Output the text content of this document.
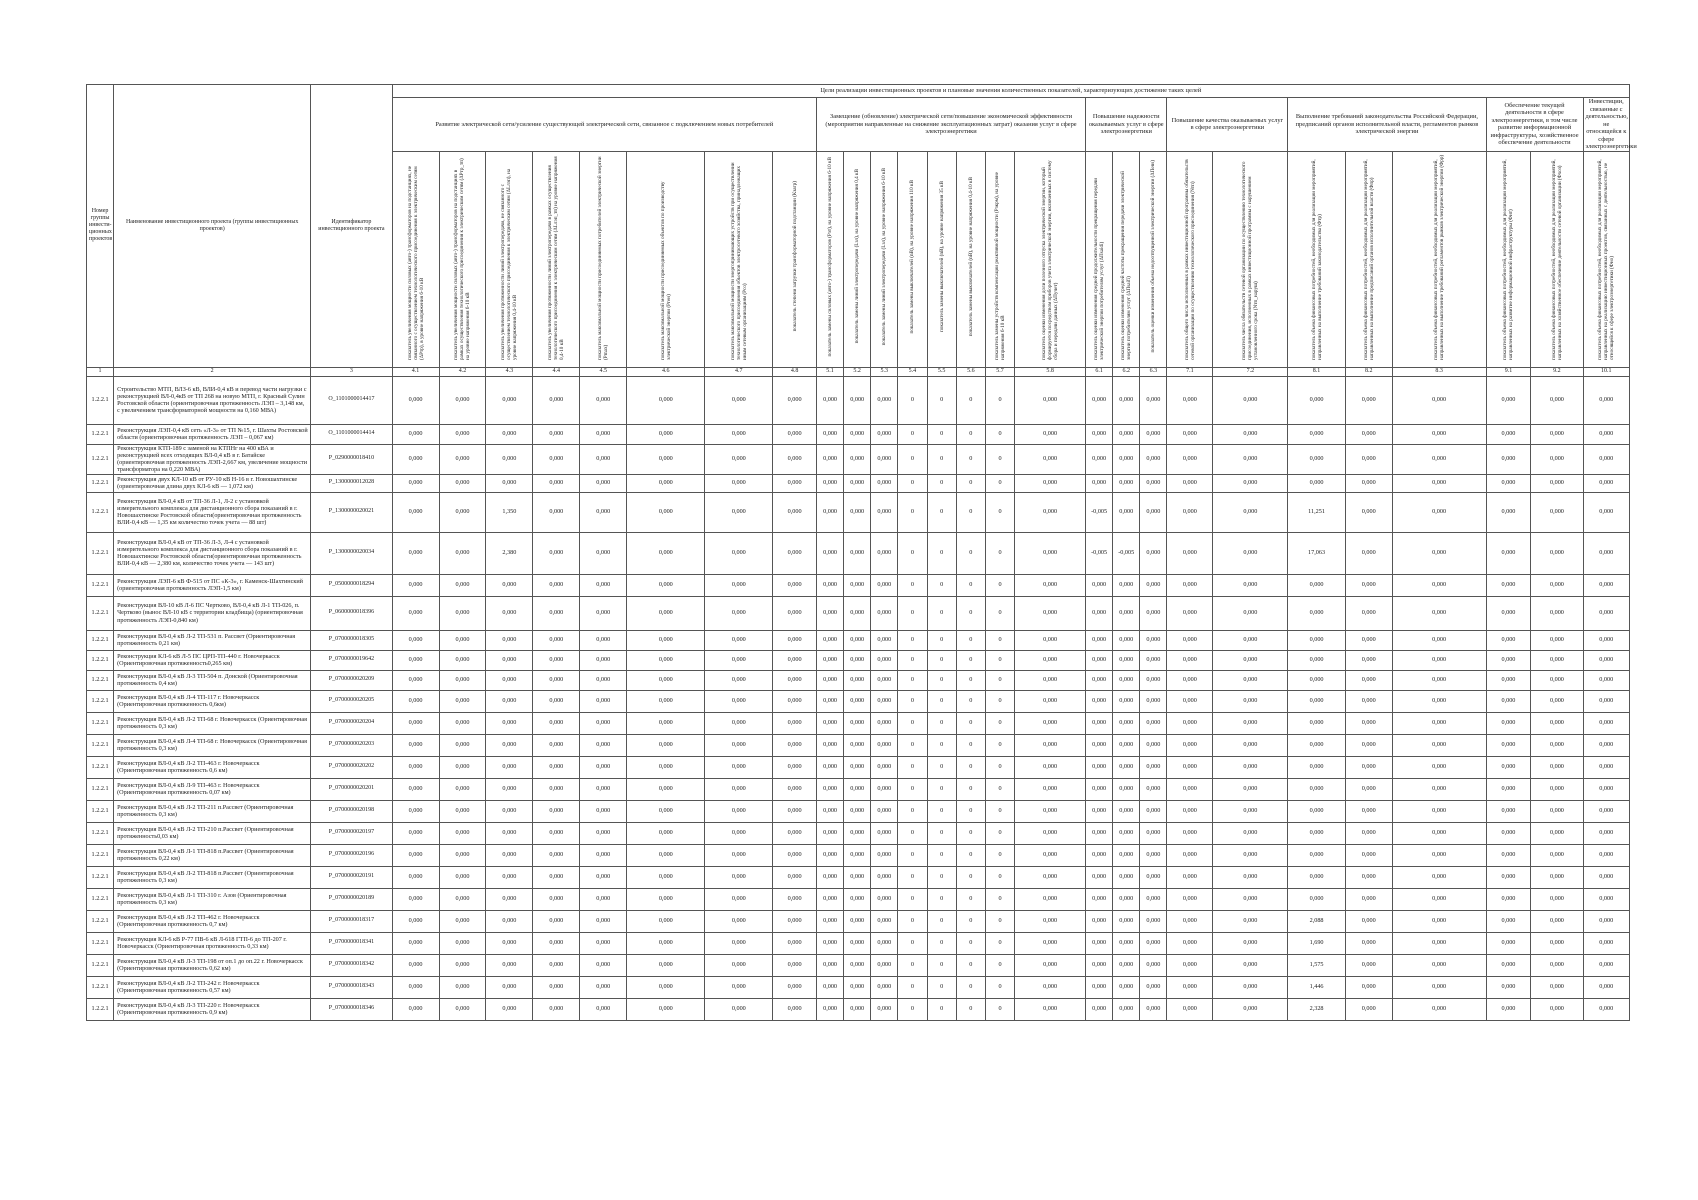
Номер группы инвести-ционных проектов	Наименование инвестиционного проекта (группы инвестиционных проектов)	Идентификатор инвестиционного проекта	Цели реализации инвестиционных проектов и плановые значения количественных показателей, характеризующих достижение таких целей																										
			Развитие электрической сети/усиление существующей электрической сети, связанное с подключением новых потребителей								Замещение (обновление) электрической сети/повышение экономической эффективности (мероприятия направленные на снижение эксплуатационных затрат) оказания услуг в сфере электроэнергетики								Повышение надежности оказываемых услуг в сфере электроэнергетики			Повышение качества оказываемых услуг в сфере электроэнергетики		Выполнение требований законодательства Российской Федерации, предписаний органов исполнительной власти, регламентов рынков электрической энергии			Обеспечение текущей деятельности в сфере электроэнергетики, в том числе развитие информационной инфраструктуры, хозяйственное обеспечение деятельности		Инвестиции, связанные с деятельностью, не относящейся к сфере электроэнергетики
			показатель увеличения мощности силовых (авто-) трансформаторов на подстанциях, не связанного с осуществлением технологического присоединения к электрическим сетям (ΔPтр), в уровне напряжения 6-10 кВ	показатель увеличения мощности силовых (авто-) трансформаторов на подстанциях в рамках осуществления технологического присоединения к электрическим сетям (ΔPтр_тп) на уровне напряжения 6-10 кВ	показатель увеличения протяженности линий электропередачи, не связанного с осуществлением технологического присоединения к электрическим сетям (ΔLлэп), на уровне напряжения 0,4-10 кВ	показатель увеличения протяженности линий электропередачи в рамках осуществления технологического присоединения к электрическим сетям (ΔLлэп_тп) на уровне напряжения 0,4-10 кВ	показатель максимальной мощности присоединяемых потребителей электрической энергии (Pmax)	показатель максимальной мощности присоединяемых объектов по производству электрической энергии (Pген)	показатель максимальной мощности энергопринимающих устройств при осуществлении технологического присоединения объектов электросетевого хозяйства, принадлежащих иным сетевым организациям (Pсо)	показатель степени загрузки трансформаторной подстанции (Кзагр)	показатель замены силовых (авто-) трансформаторов (Pзт), на уровне напряжения 6-10 кВ	показатель замены линий электропередачи (Lзл), на уровне напряжения 0,4 кВ	показатель замены линий электропередачи (Lзл), на уровне напряжения 6-10 кВ	показатель замены выключателей (nВ), на уровне напряжения 110 кВ	показатель замены выключателей (nВ), на уровне напряжения 35 кВ	показатель замены выключателей (nВ), на уровне напряжения 0,4-10 кВ	показатель замены устройств компенсации реактивной мощности (Pзкрм), на уровне напряжения 6-10 кВ	показатель оценки изменения доли полезного отпуска электрической энергии, который формируется посредством приборов учета электрической энергии, включенных в систему сбора и передачи данных (ΔПучет)	показатель оценки изменения средней продолжительности прекращения передачи электрической энергии потребителям услуг (ΔПsaidi)	показатель оценки изменения средней частоты прекращения передачи электрической энергии потребителям услуг (ΔПsaifi)	показатель оценки изменения объема недоотпущенной электрической энергии (ΔПens)	показатель общего числа исполненных в рамках инвестиционной программы обязательств сетевой организации по осуществлению технологического присоединения (Nтп)	показатель числа обязательств сетевой организации по осуществлению технологического присоединения, исполненных в рамках инвестиционной программы с нарушением установленного срока (Nтп_наруш)	показатель объема финансовых потребностей, необходимых для реализации мероприятий, направленных на выполнение требований законодательства (Фтр)	показатель объема финансовых потребностей, необходимых для реализации мероприятий, направленных на выполнение предписаний органов исполнительной власти (Фпр)	показатель объема финансовых потребностей, необходимых для реализации мероприятий, направленных на выполнение требований регламентов рынков электрической энергии (Фрр)	показатель объема финансовых потребностей, необходимых для реализации мероприятий, направленных на развитие информационной инфраструктуры (Фит)	показатель объема финансовых потребностей, необходимых для реализации мероприятий, направленных на хозяйственное обеспечение деятельности сетевой организации (Фхоз)	показатель объема финансовых потребностей, необходимых для реализации мероприятий, направленных на реализацию инвестиционных проектов, связанных с деятельностью, не относящейся к сфере электроэнергетики (Фно)
1	2	3	4.1	4.2	4.3	4.4	4.5	4.6	4.7	4.8	5.1	5.2	5.3	5.4	5.5	5.6	5.7	5.8	6.1	6.2	6.3	7.1	7.2	8.1	8.2	8.3	9.1	9.2	10.1
1.2.2.1	Строительство МТП, ВЛЗ-6 кВ, ВЛИ-0,4 кВ и перевод части нагрузки с реконструкцией ВЛ-0,4кВ от ТП 268 на новую МТП, г. Красный Сулин Ростовской области (ориентировочная протяженность ЛЭП – 3,148 км, с увеличением трансформаторной мощности на 0,160 МВА)	O_1101000014417	0,000	0,000	0,000	0,000	0,000	0,000	0,000	0,000	0,000	0,000	0,000	0	0	0	0	0,000	0,000	0,000	0,000	0,000	0,000	0,000	0,000	0,000	0,000	0,000	0,000
1.2.2.1	Реконструкция ЛЭП-0,4 кВ сеть «Л-3» от ТП №15, г. Шахты Ростовской области (ориентировочная протяженность ЛЭП – 0,067 км)	O_1101000014414	0,000	0,000	0,000	0,000	0,000	0,000	0,000	0,000	0,000	0,000	0,000	0	0	0	0	0,000	0,000	0,000	0,000	0,000	0,000	0,000	0,000	0,000	0,000	0,000	0,000
1.2.2.1	Реконструкция КТП-189 с заменой на КТПНг на 400 кВА и реконструкцией всех отходящих ВЛ-0,4 кВ в г. Батайске (ориентировочная протяженность ЛЭП-2,667 км, увеличение мощности трансформатора на 0,220 МВА)	P_0290000018410	0,000	0,000	0,000	0,000	0,000	0,000	0,000	0,000	0,000	0,000	0,000	0	0	0	0	0,000	0,000	0,000	0,000	0,000	0,000	0,000	0,000	0,000	0,000	0,000	0,000
1.2.2.1	Реконструкция двух КЛ-10 кВ от РУ-10 кВ Н-16 в г. Новошахтинске (ориентировочная длина двух КЛ-6 кВ — 1,072 км)	P_1300000012028	0,000	0,000	0,000	0,000	0,000	0,000	0,000	0,000	0,000	0,000	0,000	0	0	0	0	0,000	0,000	0,000	0,000	0,000	0,000	0,000	0,000	0,000	0,000	0,000	0,000
1.2.2.1	Реконструкция ВЛ-0,4 кВ от ТП-36 Л-1, Л-2 с установкой измерительного комплекса для дистанционного сбора показаний в г. Новошахтинске Ростовской области(ориентировочная протяженность ВЛИ-0,4 кВ — 1,35 км количество точек учета — 88 шт)	P_1300000020021	0,000	0,000	1,350	0,000	0,000	0,000	0,000	0,000	0,000	0,000	0,000	0	0	0	0	0,000	-0,005	0,000	0,000	0,000	0,000	11,251	0,000	0,000	0,000	0,000	0,000
1.2.2.1	Реконструкция ВЛ-0,4 кВ от ТП-36 Л-3, Л-4 с установкой измерительного комплекса для дистанционного сбора показаний в г. Новошахтинске Ростовской области(ориентировочная протяженность ВЛИ-0,4 кВ — 2,380 км, количество точек учета — 143 шт)	P_1300000020034	0,000	0,000	2,380	0,000	0,000	0,000	0,000	0,000	0,000	0,000	0,000	0	0	0	0	0,000	-0,005	-0,005	0,000	0,000	0,000	17,063	0,000	0,000	0,000	0,000	0,000
1.2.2.1	Реконструкция ЛЭП-6 кВ Ф-515 от ПС «К-3», г. Каменск-Шахтинский (ориентировочная протяженность ЛЭП-1,5 км)	P_0500000018294	0,000	0,000	0,000	0,000	0,000	0,000	0,000	0,000	0,000	0,000	0,000	0	0	0	0	0,000	0,000	0,000	0,000	0,000	0,000	0,000	0,000	0,000	0,000	0,000	0,000
1.2.2.1	Реконструкция ВЛ-10 кВ Л-6 ПС Чертково, ВЛ-0,4 кВ Л-1 ТП-026, п. Чертково (вынос ВЛ-10 кВ с территории кладбища) (ориентировочная протяженность ЛЭП-0,840 км)	P_0600000018396	0,000	0,000	0,000	0,000	0,000	0,000	0,000	0,000	0,000	0,000	0,000	0	0	0	0	0,000	0,000	0,000	0,000	0,000	0,000	0,000	0,000	0,000	0,000	0,000	0,000
1.2.2.1	Реконструкция ВЛ-0,4 кВ Л-2 ТП-531 п. Рассвет (Ориентировочная протяженность 0,21 км)	P_0700000018305	0,000	0,000	0,000	0,000	0,000	0,000	0,000	0,000	0,000	0,000	0,000	0	0	0	0	0,000	0,000	0,000	0,000	0,000	0,000	0,000	0,000	0,000	0,000	0,000	0,000
1.2.2.1	Реконструкция КЛ-6 кВ Л-5 ПС ЦРП-ТП-440 г. Новочеркасск (Ориентировочная протяженность0,265 км)	P_0700000019642	0,000	0,000	0,000	0,000	0,000	0,000	0,000	0,000	0,000	0,000	0,000	0	0	0	0	0,000	0,000	0,000	0,000	0,000	0,000	0,000	0,000	0,000	0,000	0,000	0,000
1.2.2.1	Реконструкция ВЛ-0,4 кВ Л-3 ТП-504 п. Донской (Ориентировочная протяженность 0,4 км)	P_0700000020209	0,000	0,000	0,000	0,000	0,000	0,000	0,000	0,000	0,000	0,000	0,000	0	0	0	0	0,000	0,000	0,000	0,000	0,000	0,000	0,000	0,000	0,000	0,000	0,000	0,000
1.2.2.1	Реконструкция ВЛ-0,4 кВ Л-4 ТП-117 г. Новочеркасск (Ориентировочная протяженность 0,6км)	P_0700000020205	0,000	0,000	0,000	0,000	0,000	0,000	0,000	0,000	0,000	0,000	0,000	0	0	0	0	0,000	0,000	0,000	0,000	0,000	0,000	0,000	0,000	0,000	0,000	0,000	0,000
1.2.2.1	Реконструкция ВЛ-0,4 кВ Л-2 ТП-68 г. Новочеркасск (Ориентировочная протяженность 0,3 км)	P_0700000020204	0,000	0,000	0,000	0,000	0,000	0,000	0,000	0,000	0,000	0,000	0,000	0	0	0	0	0,000	0,000	0,000	0,000	0,000	0,000	0,000	0,000	0,000	0,000	0,000	0,000
1.2.2.1	Реконструкция ВЛ-0,4 кВ Л-4 ТП-68 г. Новочеркасск (Ориентировочная протяженность 0,3 км)	P_0700000020203	0,000	0,000	0,000	0,000	0,000	0,000	0,000	0,000	0,000	0,000	0,000	0	0	0	0	0,000	0,000	0,000	0,000	0,000	0,000	0,000	0,000	0,000	0,000	0,000	0,000
1.2.2.1	Реконструкция ВЛ-0,4 кВ Л-2 ТП-463 г. Новочеркасск (Ориентировочная протяженность 0,6 км)	P_0700000020202	0,000	0,000	0,000	0,000	0,000	0,000	0,000	0,000	0,000	0,000	0,000	0	0	0	0	0,000	0,000	0,000	0,000	0,000	0,000	0,000	0,000	0,000	0,000	0,000	0,000
1.2.2.1	Реконструкция ВЛ-0,4 кВ Л-9 ТП-463 г. Новочеркасск (Ориентировочная протяженность 0,07 км)	P_0700000020201	0,000	0,000	0,000	0,000	0,000	0,000	0,000	0,000	0,000	0,000	0,000	0	0	0	0	0,000	0,000	0,000	0,000	0,000	0,000	0,000	0,000	0,000	0,000	0,000	0,000
1.2.2.1	Реконструкция ВЛ-0,4 кВ Л-2 ТП-211 п.Рассвет (Ориентировочная протяженность 0,3 км)	P_0700000020198	0,000	0,000	0,000	0,000	0,000	0,000	0,000	0,000	0,000	0,000	0,000	0	0	0	0	0,000	0,000	0,000	0,000	0,000	0,000	0,000	0,000	0,000	0,000	0,000	0,000
1.2.2.1	Реконструкция ВЛ-0,4 кВ Л-2 ТП-210 п.Рассвет (Ориентировочная протяженность0,03 км)	P_0700000020197	0,000	0,000	0,000	0,000	0,000	0,000	0,000	0,000	0,000	0,000	0,000	0	0	0	0	0,000	0,000	0,000	0,000	0,000	0,000	0,000	0,000	0,000	0,000	0,000	0,000
1.2.2.1	Реконструкция ВЛ-0,4 кВ Л-1 ТП-818 п.Рассвет (Ориентировочная протяженность 0,22 км)	P_0700000020196	0,000	0,000	0,000	0,000	0,000	0,000	0,000	0,000	0,000	0,000	0,000	0	0	0	0	0,000	0,000	0,000	0,000	0,000	0,000	0,000	0,000	0,000	0,000	0,000	0,000
1.2.2.1	Реконструкция ВЛ-0,4 кВ Л-2 ТП-818 п.Рассвет (Ориентировочная протяженность 0,3 км)	P_0700000020191	0,000	0,000	0,000	0,000	0,000	0,000	0,000	0,000	0,000	0,000	0,000	0	0	0	0	0,000	0,000	0,000	0,000	0,000	0,000	0,000	0,000	0,000	0,000	0,000	0,000
1.2.2.1	Реконструкция ВЛ-0,4 кВ Л-1 ТП-310 г. Азов (Ориентировочная протяженность 0,3 км)	P_0700000020189	0,000	0,000	0,000	0,000	0,000	0,000	0,000	0,000	0,000	0,000	0,000	0	0	0	0	0,000	0,000	0,000	0,000	0,000	0,000	0,000	0,000	0,000	0,000	0,000	0,000
1.2.2.1	Реконструкция ВЛ-0,4 кВ Л-2 ТП-462 г. Новочеркасск (Ориентировочная протяженность 0,7 км)	P_0700000018317	0,000	0,000	0,000	0,000	0,000	0,000	0,000	0,000	0,000	0,000	0,000	0	0	0	0	0,000	0,000	0,000	0,000	0,000	0,000	2,088	0,000	0,000	0,000	0,000	0,000
1.2.2.1	Реконструкция КЛ-6 кВ Р-77 ПВ-6 кВ Л-618 ГТП-6 до ТП-207 г. Новочеркасск (Ориентировочная протяженность 0,33 км)	P_0700000018341	0,000	0,000	0,000	0,000	0,000	0,000	0,000	0,000	0,000	0,000	0,000	0	0	0	0	0,000	0,000	0,000	0,000	0,000	0,000	1,690	0,000	0,000	0,000	0,000	0,000
1.2.2.1	Реконструкция ВЛ-0,4 кВ Л-3 ТП-198 от оп.1 до оп.22 г. Новочеркасск (Ориентировочная протяженность 0,62 км)	P_0700000018342	0,000	0,000	0,000	0,000	0,000	0,000	0,000	0,000	0,000	0,000	0,000	0	0	0	0	0,000	0,000	0,000	0,000	0,000	0,000	1,575	0,000	0,000	0,000	0,000	0,000
1.2.2.1	Реконструкция ВЛ-0,4 кВ Л-2 ТП-242 г. Новочеркасск (Ориентировочная протяженность 0,57 км)	P_0700000018343	0,000	0,000	0,000	0,000	0,000	0,000	0,000	0,000	0,000	0,000	0,000	0	0	0	0	0,000	0,000	0,000	0,000	0,000	0,000	1,446	0,000	0,000	0,000	0,000	0,000
1.2.2.1	Реконструкция ВЛ-0,4 кВ Л-3 ТП-220 г. Новочеркасск (Ориентировочная протяженность 0,9 км)	P_0700000018346	0,000	0,000	0,000	0,000	0,000	0,000	0,000	0,000	0,000	0,000	0,000	0	0	0	0	0,000	0,000	0,000	0,000	0,000	0,000	2,328	0,000	0,000	0,000	0,000	0,000
